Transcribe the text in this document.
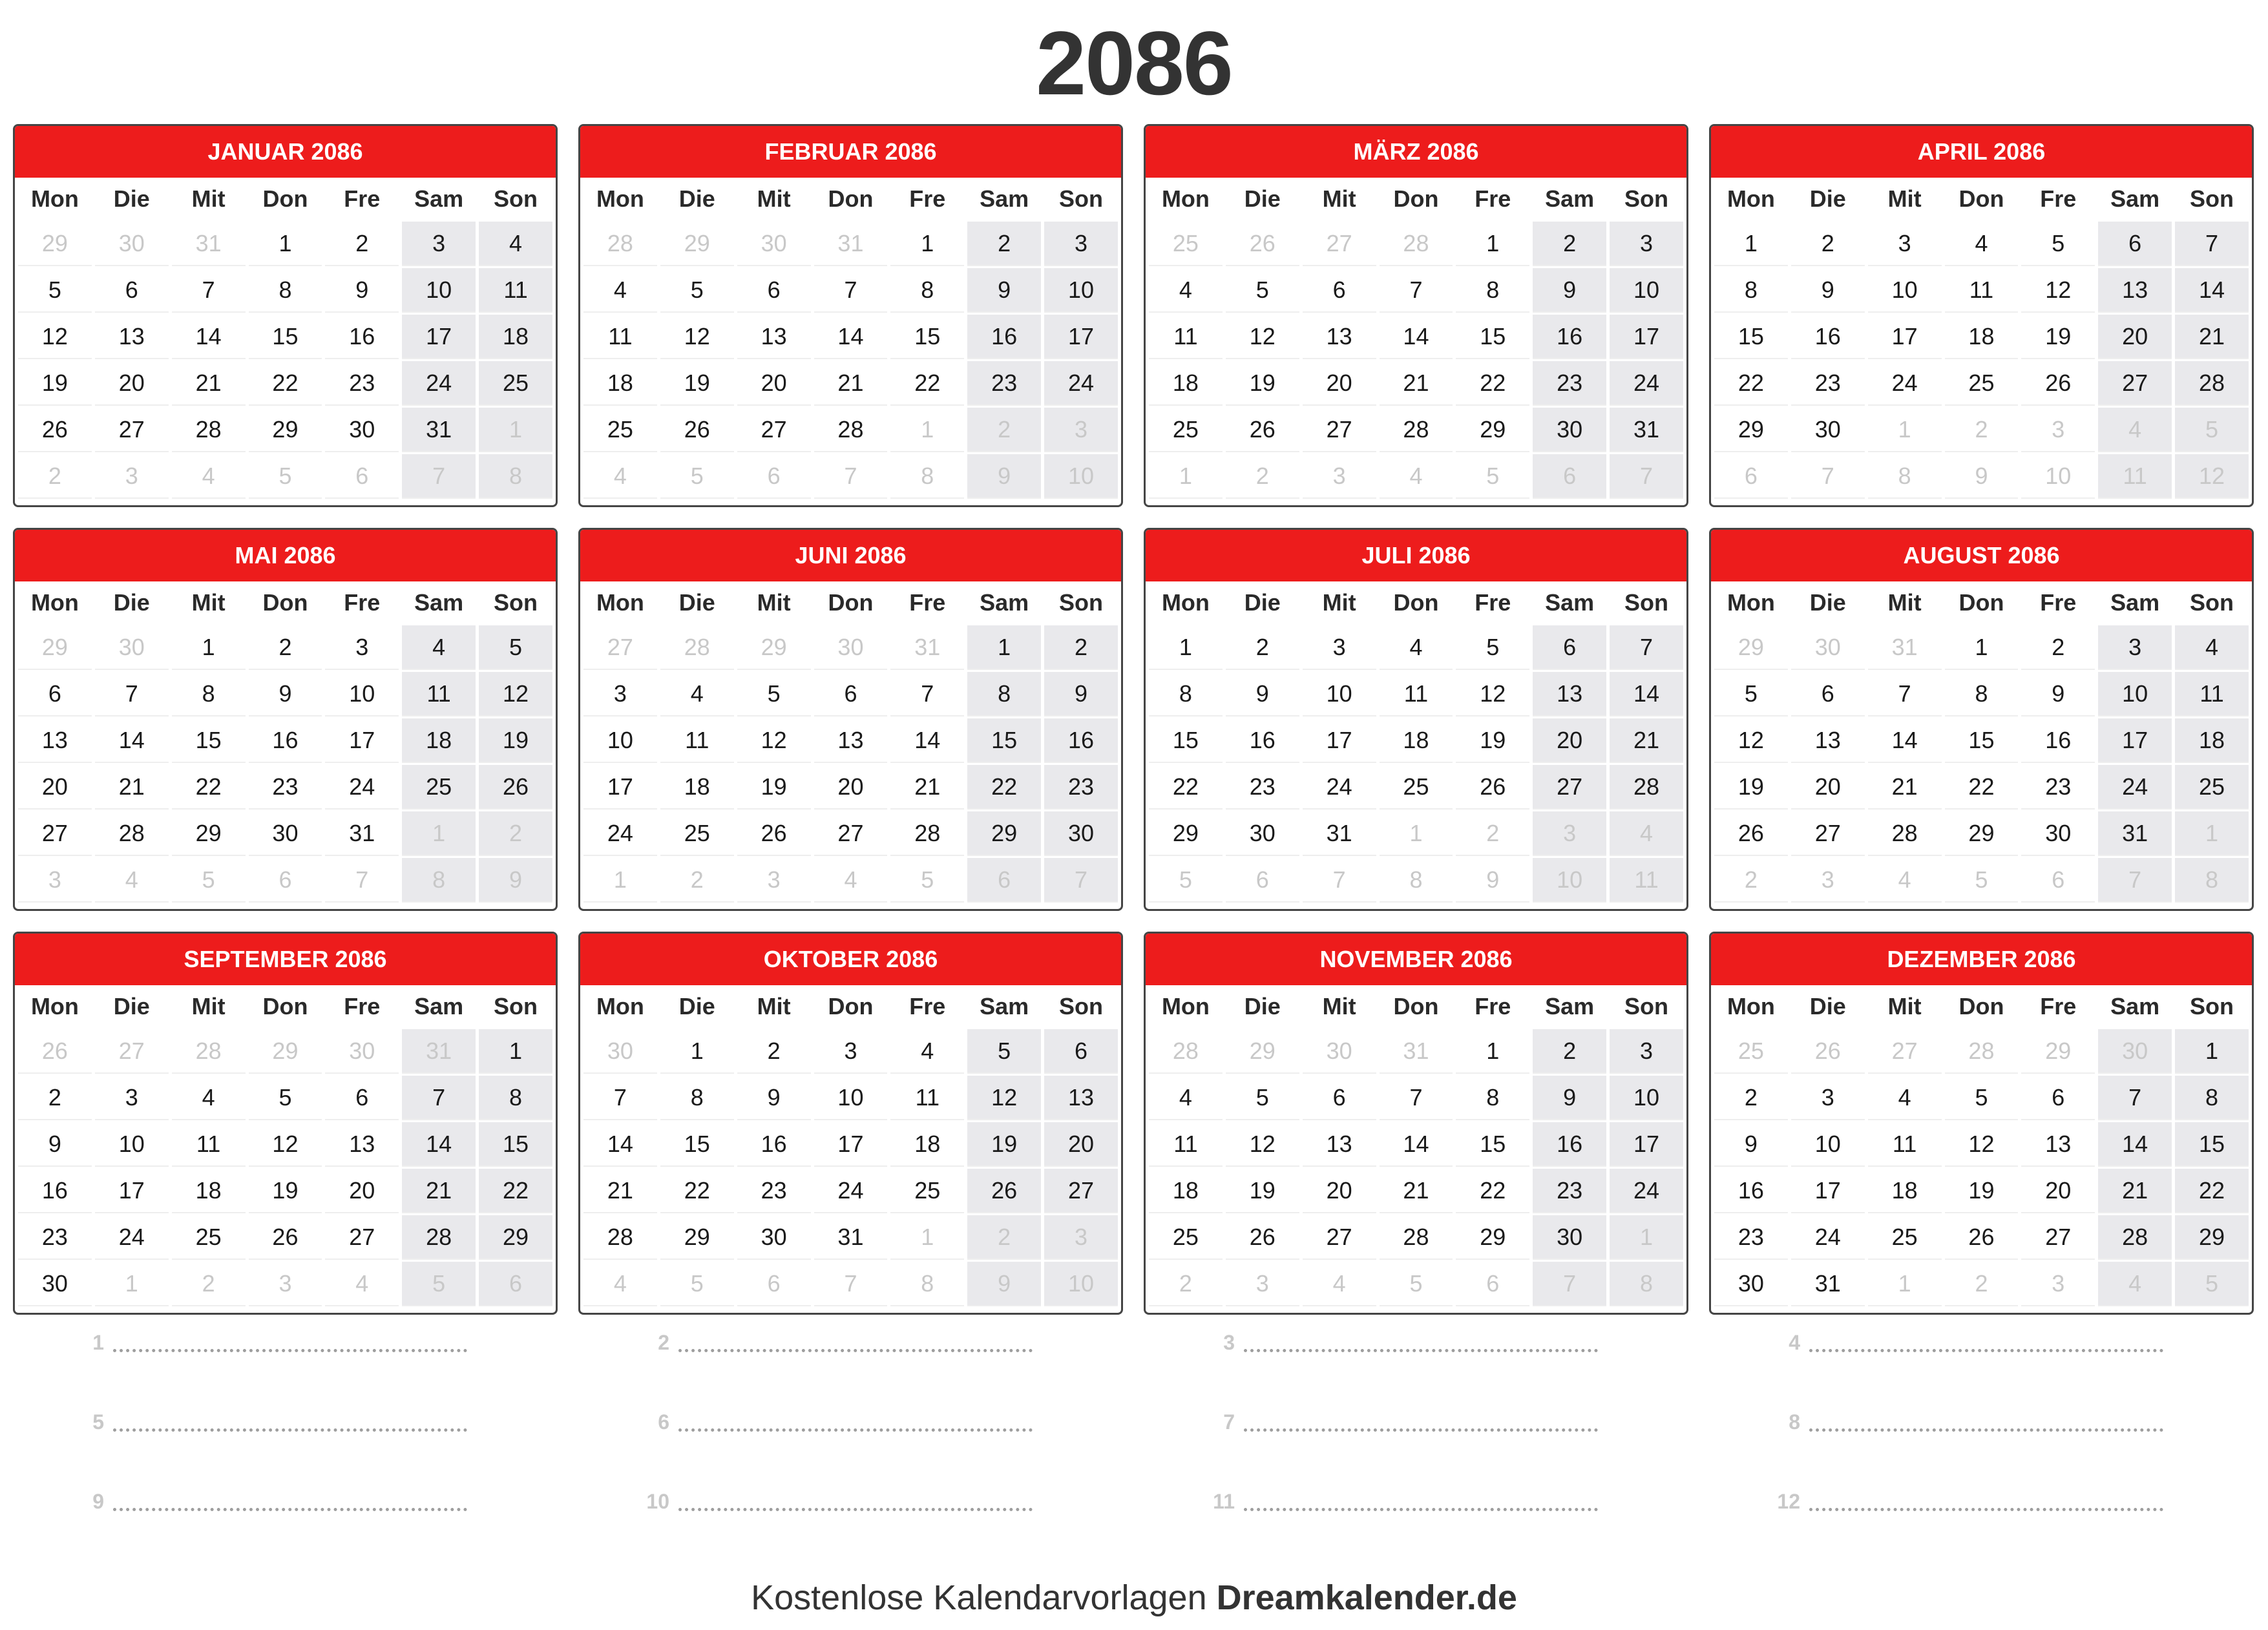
2086
JANUAR 2086
Mon	Die	Mit	Don	Fre	Sam	Son
29	30	31	1	2	3	4
5	6	7	8	9	10	11
12	13	14	15	16	17	18
19	20	21	22	23	24	25
26	27	28	29	30	31	1
2	3	4	5	6	7	8
FEBRUAR 2086
Mon	Die	Mit	Don	Fre	Sam	Son
28	29	30	31	1	2	3
4	5	6	7	8	9	10
11	12	13	14	15	16	17
18	19	20	21	22	23	24
25	26	27	28	1	2	3
4	5	6	7	8	9	10
MÄRZ 2086
Mon	Die	Mit	Don	Fre	Sam	Son
25	26	27	28	1	2	3
4	5	6	7	8	9	10
11	12	13	14	15	16	17
18	19	20	21	22	23	24
25	26	27	28	29	30	31
1	2	3	4	5	6	7
APRIL 2086
Mon	Die	Mit	Don	Fre	Sam	Son
1	2	3	4	5	6	7
8	9	10	11	12	13	14
15	16	17	18	19	20	21
22	23	24	25	26	27	28
29	30	1	2	3	4	5
6	7	8	9	10	11	12
MAI 2086
Mon	Die	Mit	Don	Fre	Sam	Son
29	30	1	2	3	4	5
6	7	8	9	10	11	12
13	14	15	16	17	18	19
20	21	22	23	24	25	26
27	28	29	30	31	1	2
3	4	5	6	7	8	9
JUNI 2086
Mon	Die	Mit	Don	Fre	Sam	Son
27	28	29	30	31	1	2
3	4	5	6	7	8	9
10	11	12	13	14	15	16
17	18	19	20	21	22	23
24	25	26	27	28	29	30
1	2	3	4	5	6	7
JULI 2086
Mon	Die	Mit	Don	Fre	Sam	Son
1	2	3	4	5	6	7
8	9	10	11	12	13	14
15	16	17	18	19	20	21
22	23	24	25	26	27	28
29	30	31	1	2	3	4
5	6	7	8	9	10	11
AUGUST 2086
Mon	Die	Mit	Don	Fre	Sam	Son
29	30	31	1	2	3	4
5	6	7	8	9	10	11
12	13	14	15	16	17	18
19	20	21	22	23	24	25
26	27	28	29	30	31	1
2	3	4	5	6	7	8
SEPTEMBER 2086
Mon	Die	Mit	Don	Fre	Sam	Son
26	27	28	29	30	31	1
2	3	4	5	6	7	8
9	10	11	12	13	14	15
16	17	18	19	20	21	22
23	24	25	26	27	28	29
30	1	2	3	4	5	6
OKTOBER 2086
Mon	Die	Mit	Don	Fre	Sam	Son
30	1	2	3	4	5	6
7	8	9	10	11	12	13
14	15	16	17	18	19	20
21	22	23	24	25	26	27
28	29	30	31	1	2	3
4	5	6	7	8	9	10
NOVEMBER 2086
Mon	Die	Mit	Don	Fre	Sam	Son
28	29	30	31	1	2	3
4	5	6	7	8	9	10
11	12	13	14	15	16	17
18	19	20	21	22	23	24
25	26	27	28	29	30	1
2	3	4	5	6	7	8
DEZEMBER 2086
Mon	Die	Mit	Don	Fre	Sam	Son
25	26	27	28	29	30	1
2	3	4	5	6	7	8
9	10	11	12	13	14	15
16	17	18	19	20	21	22
23	24	25	26	27	28	29
30	31	1	2	3	4	5
1	2	3	4
5	6	7	8
9	10	11	12
Kostenlose Kalendarvorlagen Dreamkalender.de
